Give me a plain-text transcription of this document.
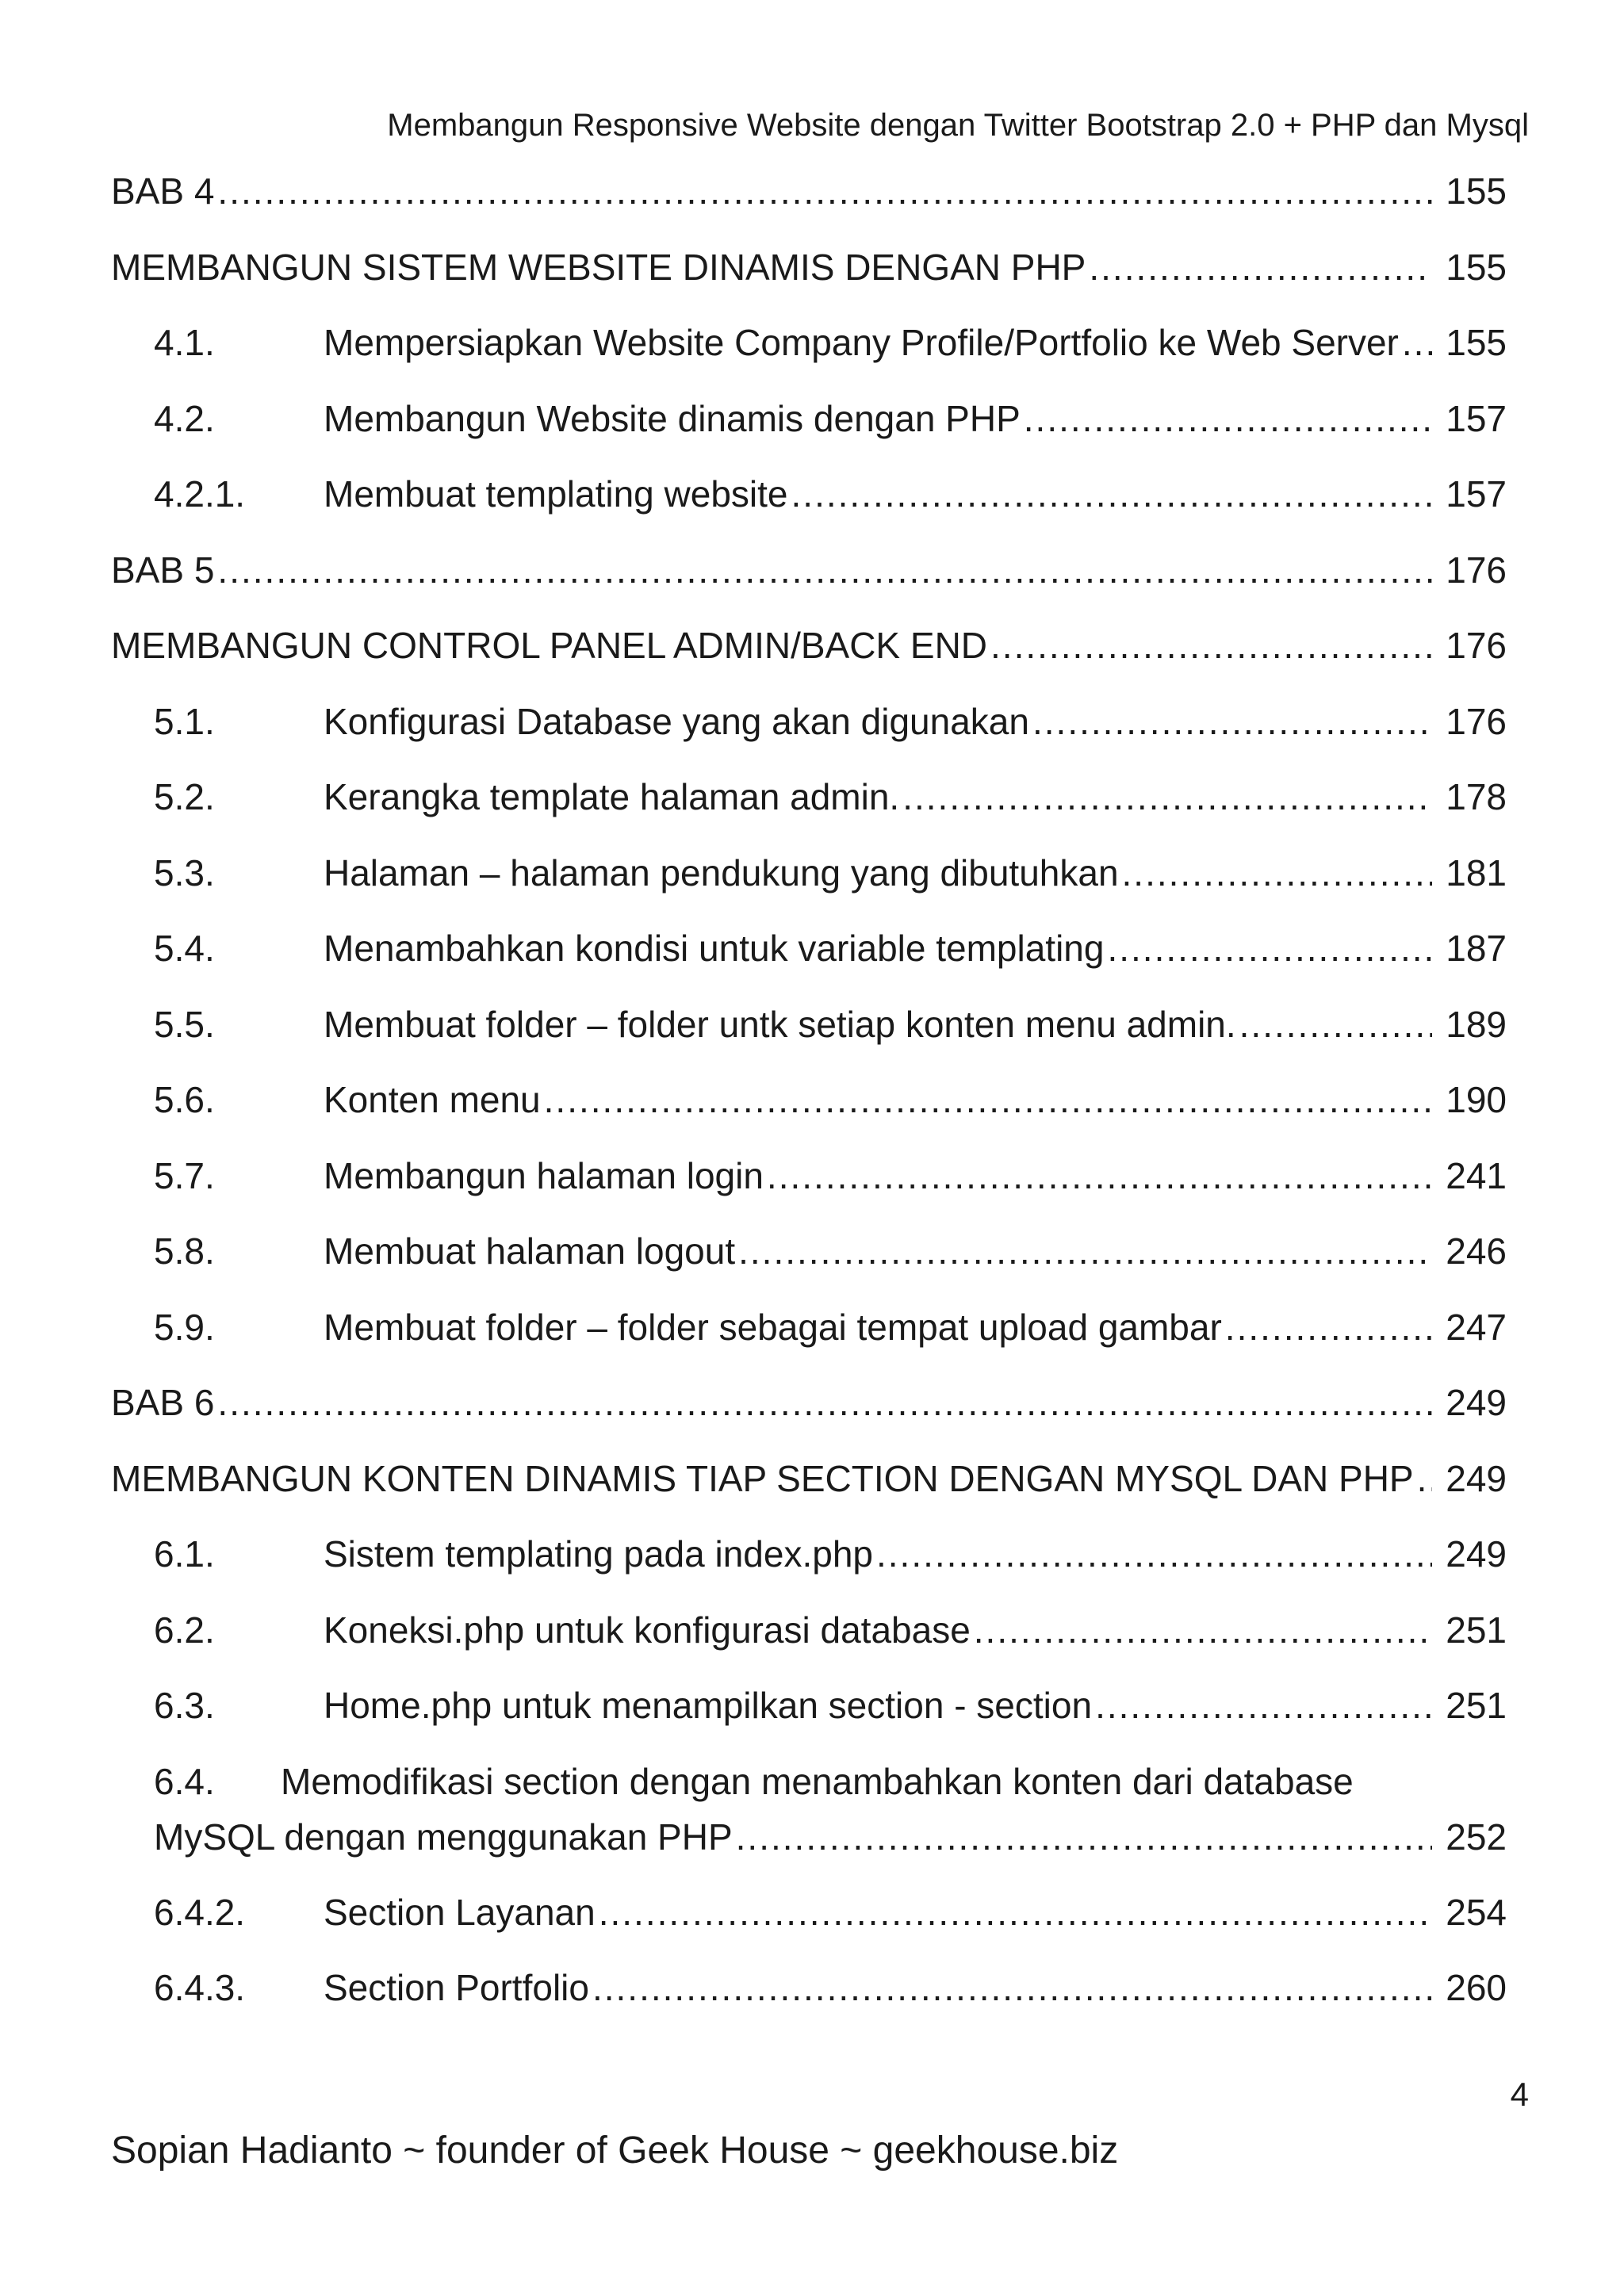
Membangun Responsive Website dengan Twitter Bootstrap 2.0 + PHP dan Mysql
BAB 4 .....	155
MEMBANGUN SISTEM WEBSITE DINAMIS DENGAN PHP .....	155
4.1.	Mempersiapkan Website Company Profile/Portfolio ke Web Server ..... 155
4.2.	Membangun Website dinamis dengan PHP .....	157
4.2.1.	Membuat templating website .....	157
BAB 5 .....	176
MEMBANGUN CONTROL PANEL ADMIN/BACK END .....	176
5.1.	Konfigurasi Database yang akan digunakan .....	176
5.2.	Kerangka template halaman admin. .....	178
5.3.	Halaman – halaman pendukung yang dibutuhkan .....	181
5.4.	Menambahkan kondisi untuk variable templating .....	187
5.5.	Membuat folder – folder untk setiap konten menu admin. .....	189
5.6.	Konten menu .....	190
5.7.	Membangun halaman login .....	241
5.8.	Membuat halaman logout .....	246
5.9.	Membuat folder – folder sebagai tempat upload gambar .....	247
BAB 6 .....	249
MEMBANGUN KONTEN DINAMIS TIAP SECTION DENGAN MYSQL DAN PHP ..... 249
6.1.	Sistem templating pada index.php .....	249
6.2.	Koneksi.php untuk konfigurasi database .....	251
6.3.	Home.php untuk menampilkan section - section .....	251
6.4. Memodifikasi section dengan menambahkan konten dari database
MySQL dengan menggunakan PHP .....	252
6.4.2.	Section Layanan .....	254
6.4.3.	Section Portfolio .....	260
4
Sopian Hadianto ~ founder of Geek House ~ geekhouse.biz
